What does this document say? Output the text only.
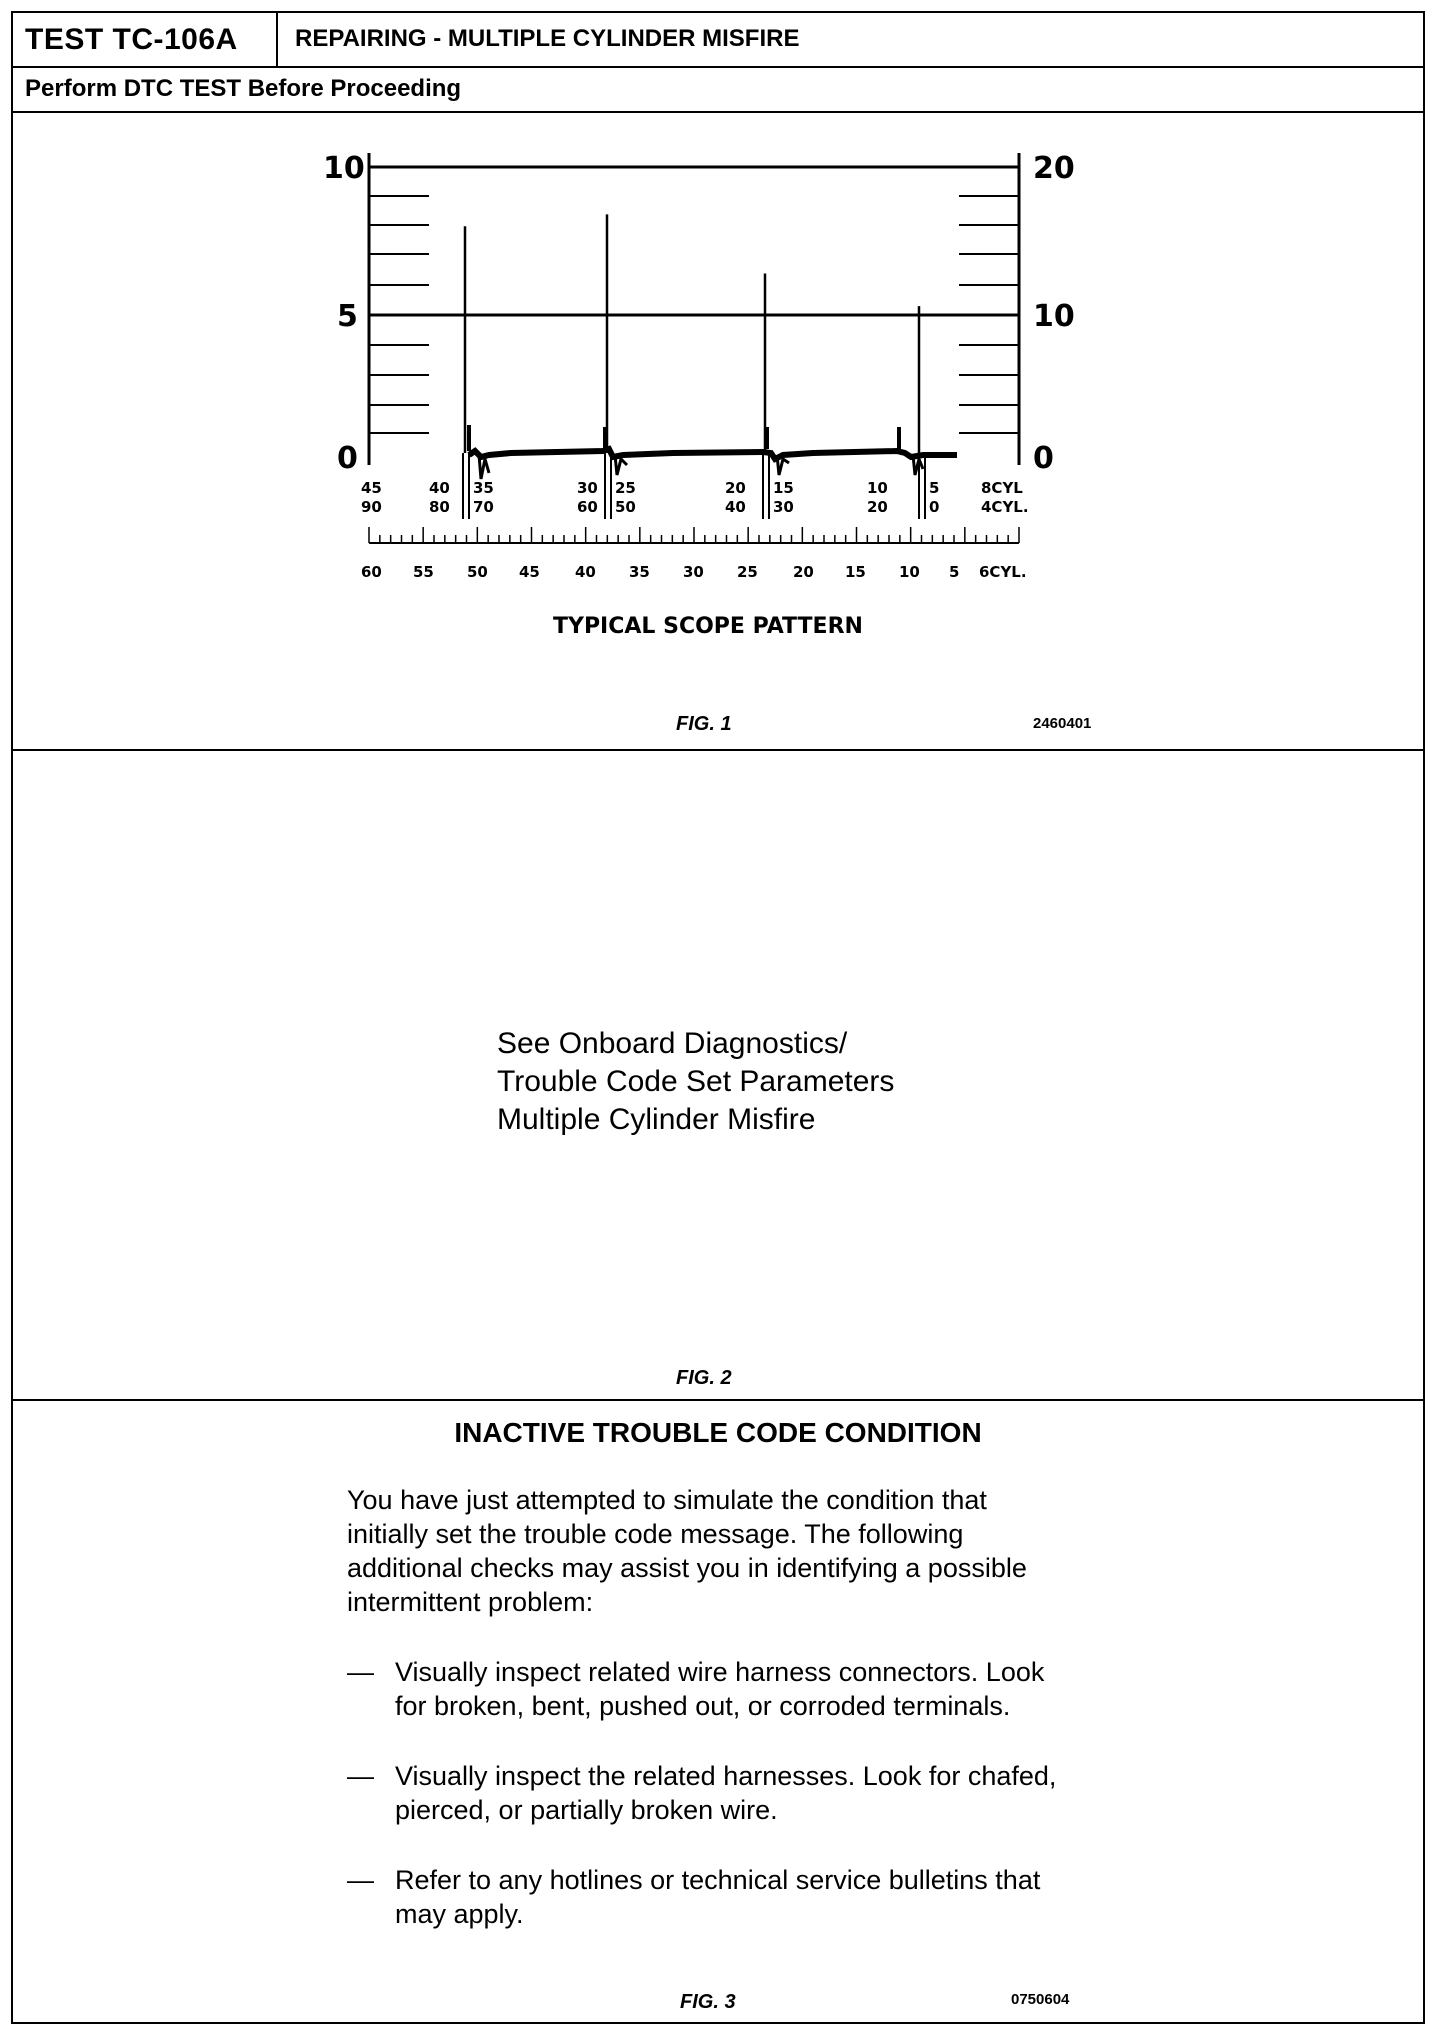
TEST TC-106A REPAIRING - MULTIPLE CYLINDER MISFIRE
Perform DTC TEST Before Proceeding
10
5
0
20
10
0
45	40 35	30 25	20 15	10	5	8CYL
90	80 70	60 50	40 30	20	0	4CYL.
60 55 50 45 40 35 30 25 20 15 10 5 6CYL.
TYPICAL SCOPE PATTERN
FIG. 1	2460401
See Onboard Diagnostics/
Trouble Code Set Parameters
Multiple Cylinder Misfire
FIG. 2
INACTIVE TROUBLE CODE CONDITION
You have just attempted to simulate the condition that initially set the trouble code message. The following additional checks may assist you in identifying a possible intermittent problem:
— Visually inspect related wire harness connectors. Look for broken, bent, pushed out, or corroded terminals.
— Visually inspect the related harnesses. Look for chafed, pierced, or partially broken wire.
— Refer to any hotlines or technical service bulletins that may apply.
FIG. 3	0750604
